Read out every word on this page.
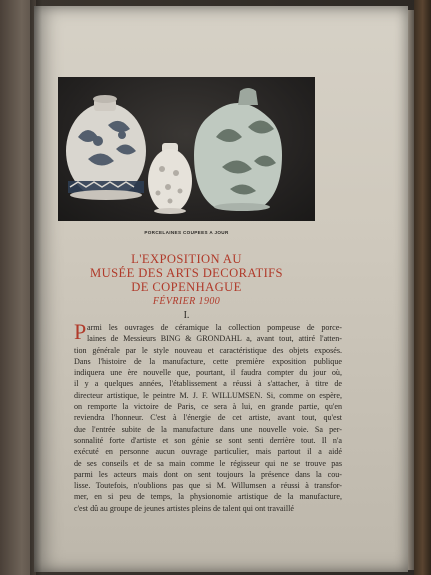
PORCELAINES COUPEES A JOUR
L'EXPOSITION AU
MUSÉE DES ARTS DECORATIFS
DE COPENHAGUE
FÉVRIER 1900
I.
P armi les ouvrages de céramique la collection pompeuse de porce-
laines de Messieurs BING & GRONDAHL a, avant tout, attiré l'atten-
tion générale par le style nouveau et caractéristique des objets exposés.
Dans l'histoire de la manufacture, cette première exposition publique
indiquera une ère nouvelle que, pourtant, il faudra compter du jour où,
il y a quelques années, l'établissement a réussi à s'attacher, à titre de
directeur artistique, le peintre M. J. F. WILLUMSEN. Si, comme on espère,
on remporte la victoire de Paris, ce sera à lui, en grande partie, qu'en
reviendra l'honneur. C'est à l'énergie de cet artiste, avant tout, qu'est
due l'entrée subite de la manufacture dans une nouvelle voie. Sa per-
sonnalité forte d'artiste et son génie se sont senti derrière tout. Il n'a
exécuté en personne aucun ouvrage particulier, mais partout il a aidé
de ses conseils et de sa main comme le régisseur qui ne se trouve pas
parmi les acteurs mais dont on sent toujours la présence dans la cou-
lisse. Toutefois, n'oublions pas que si M. Willumsen a réussi à transfor-
mer, en si peu de temps, la physionomie artistique de la manufacture,
c'est dû au groupe de jeunes artistes pleins de talent qui ont travaillé
